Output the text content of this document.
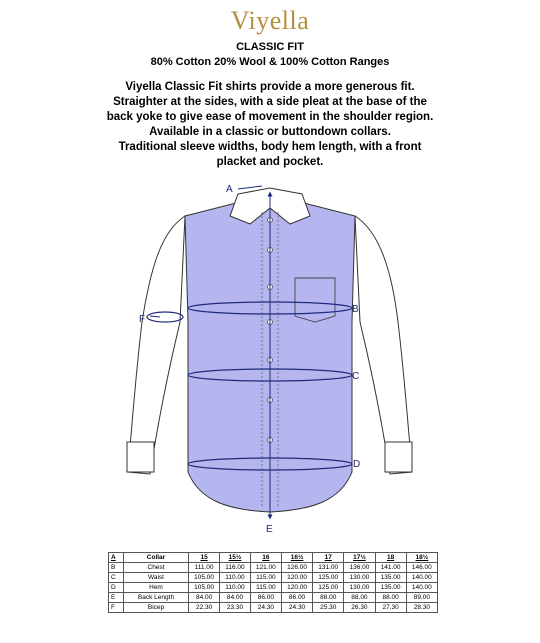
Viyella
CLASSIC FIT
80% Cotton 20% Wool & 100% Cotton Ranges
Viyella Classic Fit shirts provide a more generous fit.
Straighter at the sides, with a side pleat at the base of the
back yoke to give ease of movement in the shoulder region.
Available in a classic or buttondown collars.
Traditional sleeve widths, body hem length, with a front
placket and pocket.
A
B
C
D
E
F
A	Collar	15	15½	16	16½	17	17½	18	18½
B	Chest	111.00	116.00	121.00	126.00	131.00	136.00	141.00	146.00
C	Waist	105.00	110.00	115.00	120.00	125.00	130.00	135.00	140.00
D	Hem	105.00	110.00	115.00	120.00	125.00	130.00	135.00	140.00
E	Back Length	84.00	84.00	86.00	86.00	88.00	88.00	88.00	89.00
F	Bicep	22.30	23.30	24.30	24.30	25.30	26.30	27.30	28.30
